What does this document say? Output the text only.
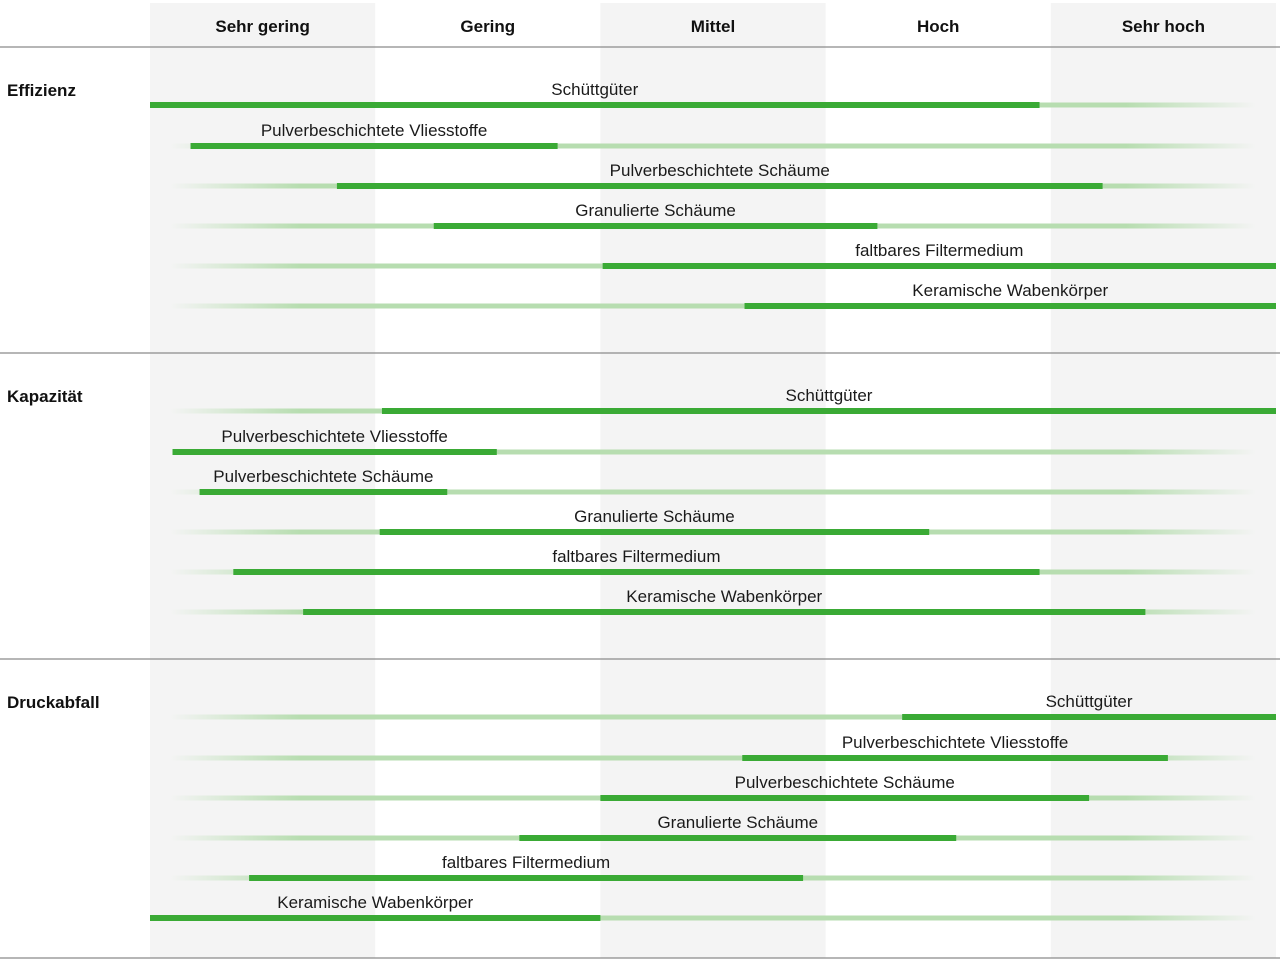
Sehr gering	Gering	Mittel	Hoch	Sehr hoch
Effizienz	Schüttgüter
Pulverbeschichtete Vliesstoffe
Pulverbeschichtete Schäume
Granulierte Schäume
faltbares Filtermedium
Keramische Wabenkörper
Kapazität	Schüttgüter
Pulverbeschichtete Vliesstoffe
Pulverbeschichtete Schäume
Granulierte Schäume
faltbares Filtermedium
Keramische Wabenkörper
Druckabfall	Schüttgüter
Pulverbeschichtete Vliesstoffe
Pulverbeschichtete Schäume
Granulierte Schäume
faltbares Filtermedium
Keramische Wabenkörper
